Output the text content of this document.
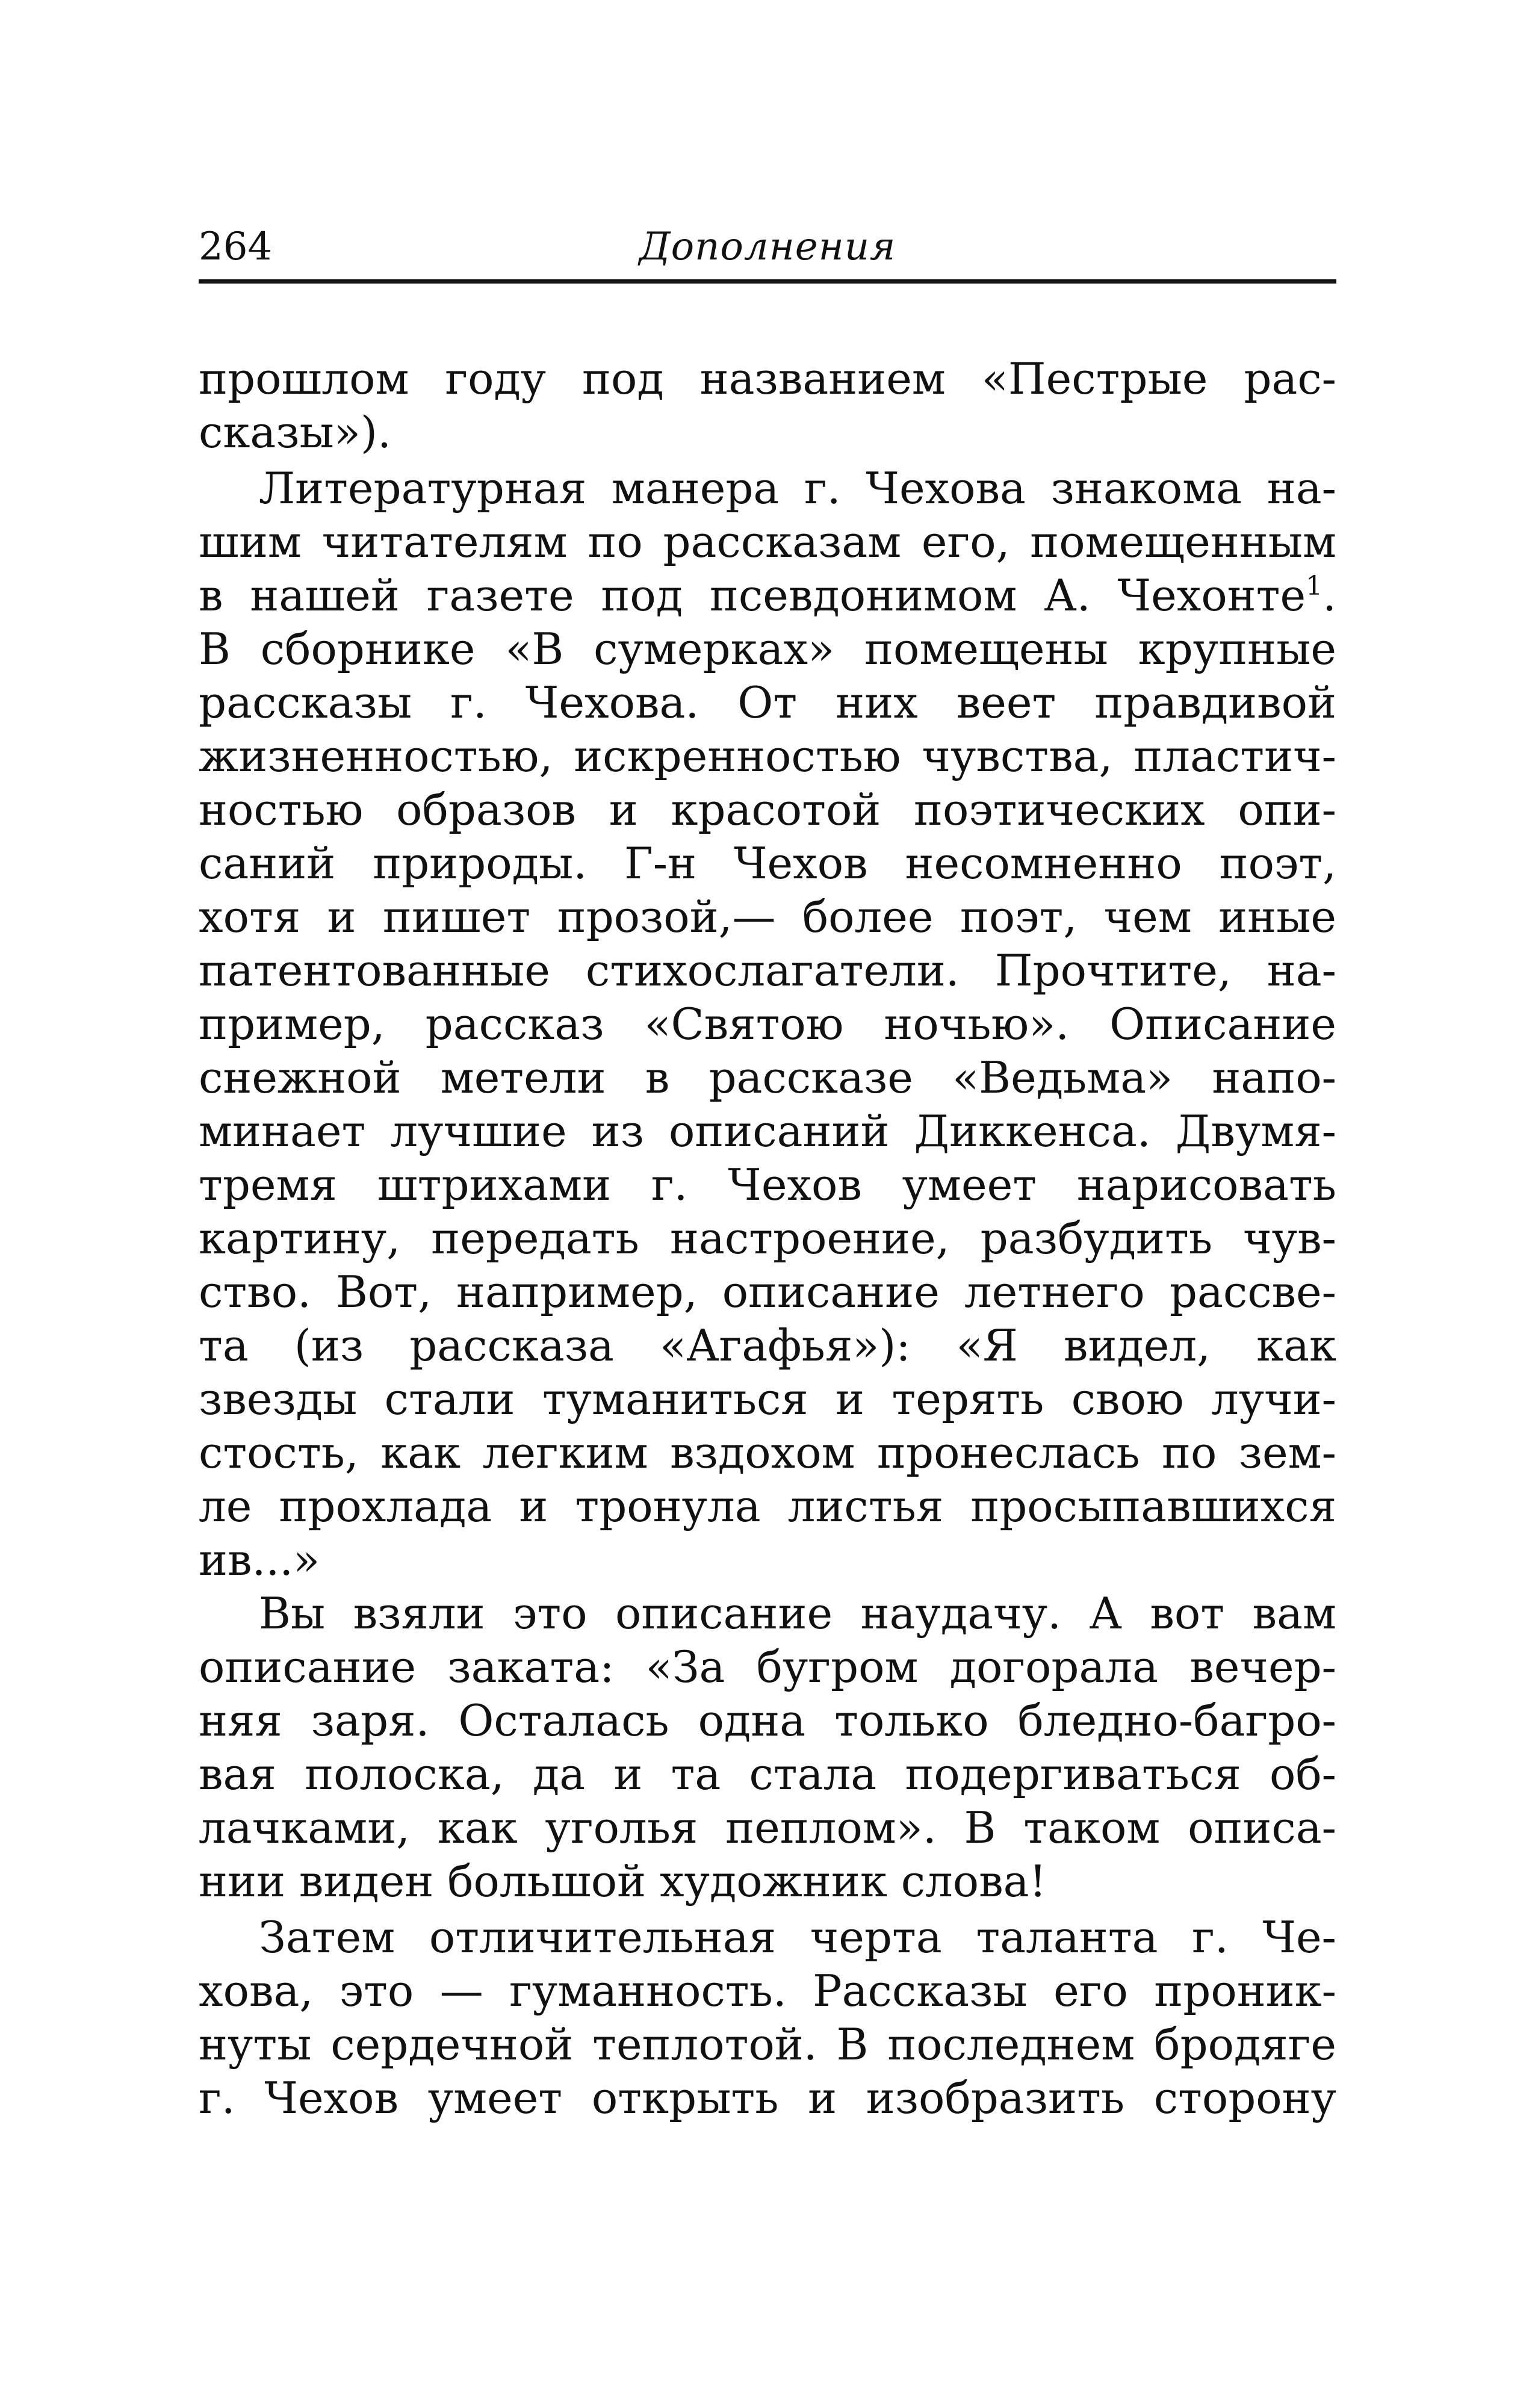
264	Дополнения
прошлом году под названием «Пестрые рас-
сказы»).
Литературная манера г. Чехова знакома на-
шим читателям по рассказам его, помещенным
в нашей газете под псевдонимом А. Чехонте$^1$.
В сборнике «В сумерках» помещены крупные
рассказы г. Чехова. От них веет правдивой
жизненностью, искренностью чувства, пластич-
ностью образов и красотой поэтических опи-
саний природы. Г-н Чехов несомненно поэт,
хотя и пишет прозой,— более поэт, чем иные
патентованные стихослагатели. Прочтите, на-
пример, рассказ «Святою ночью». Описание
снежной метели в рассказе «Ведьма» напо-
минает лучшие из описаний Диккенса. Двумя-
тремя штрихами г. Чехов умеет нарисовать
картину, передать настроение, разбудить чув-
ство. Вот, например, описание летнего рассве-
та (из рассказа «Агафья»): «Я видел, как
звезды стали туманиться и терять свою лучи-
стость, как легким вздохом пронеслась по зем-
ле прохлада и тронула листья просыпавшихся
ив...»
Вы взяли это описание наудачу. А вот вам
описание заката: «За бугром догорала вечер-
няя заря. Осталась одна только бледно-багро-
вая полоска, да и та стала подергиваться об-
лачками, как уголья пеплом». В таком описа-
нии виден большой художник слова!
Затем отличительная черта таланта г. Че-
хова, это — гуманность. Рассказы его проник-
нуты сердечной теплотой. В последнем бродяге
г. Чехов умеет открыть и изобразить сторону
